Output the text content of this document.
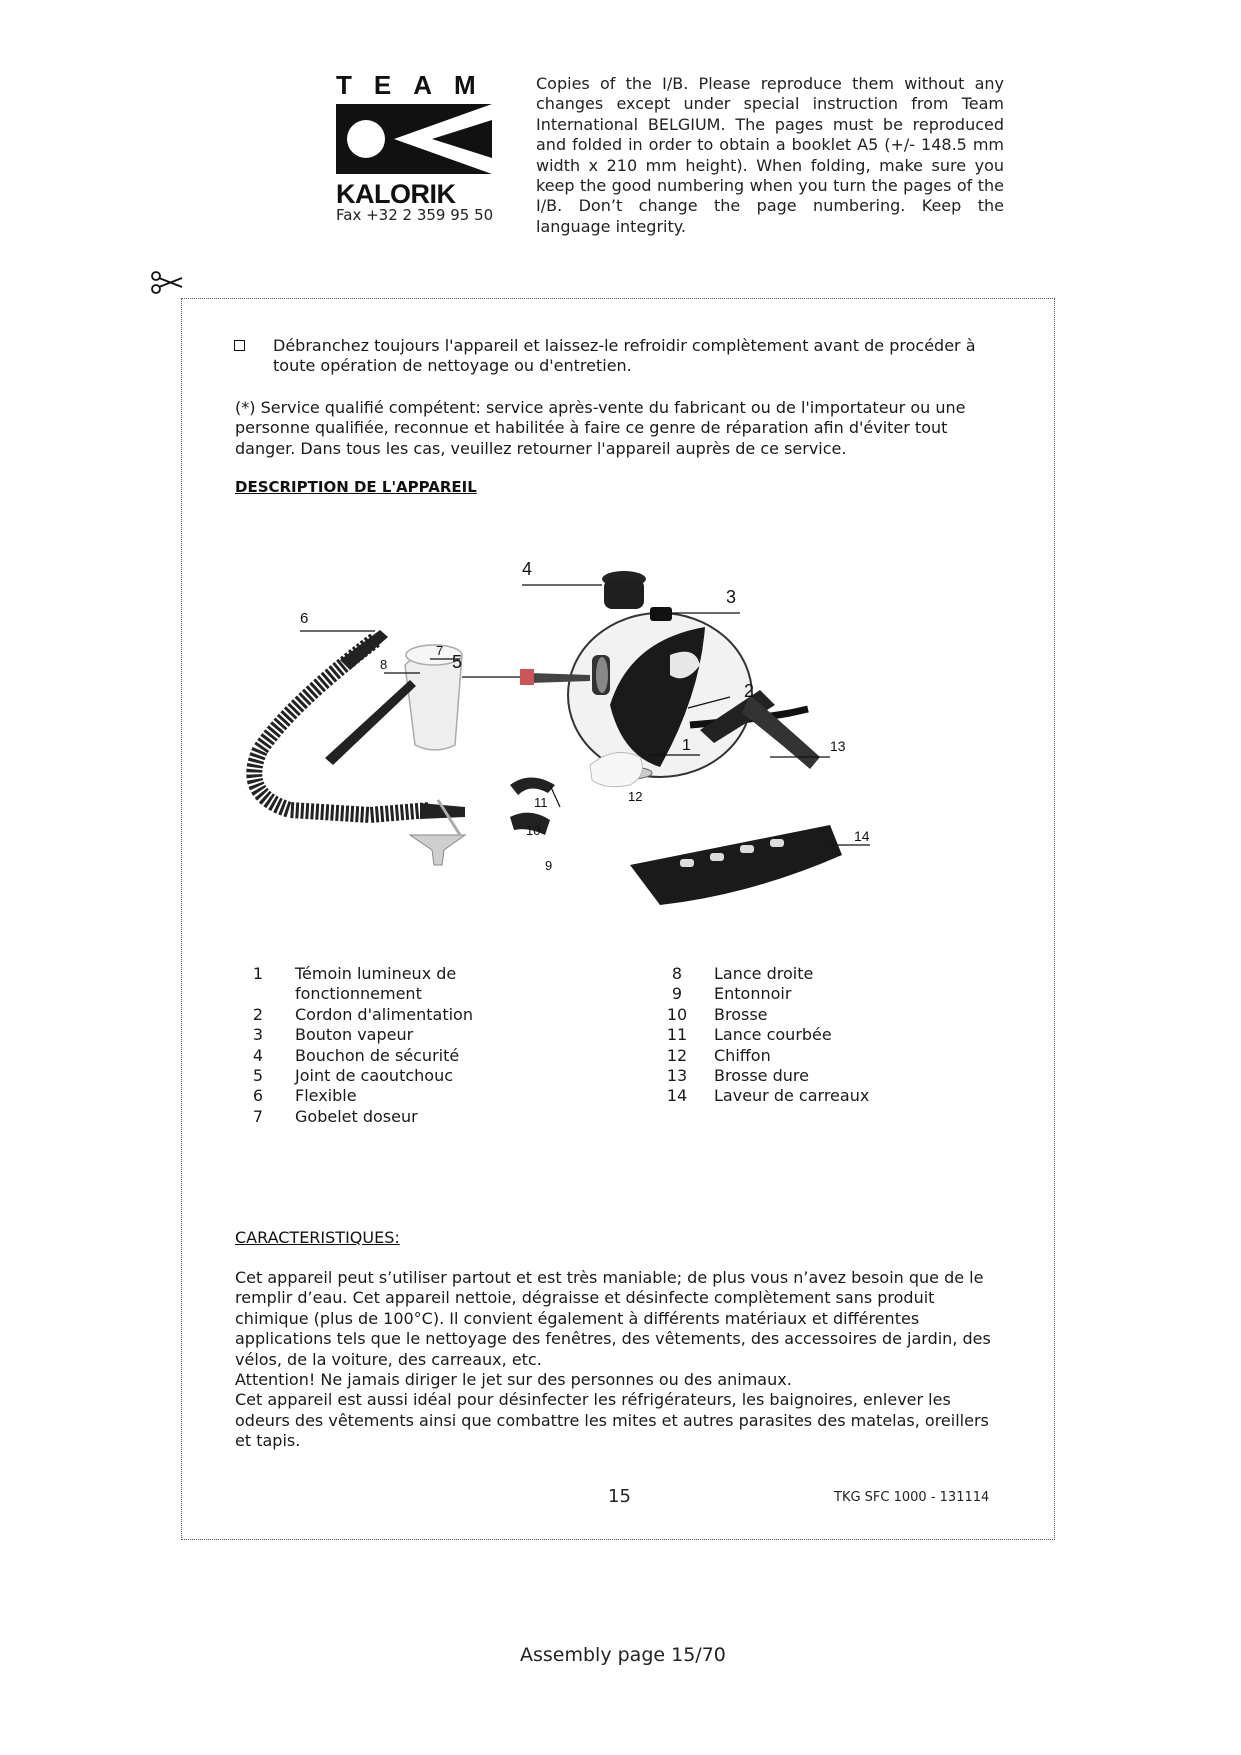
TEAM
KALORIK
Fax +32 2 359 95 50
Copies of the I/B. Please reproduce them without any changes except under special instruction from Team International BELGIUM. The pages must be reproduced and folded in order to obtain a booklet A5 (+/- 148.5 mm width x 210 mm height). When folding, make sure you keep the good numbering when you turn the pages of the I/B. Don’t change the page numbering. Keep the language integrity.
Débranchez toujours l'appareil et laissez-le refroidir complètement avant de procéder à toute opération de nettoyage ou d'entretien.
(*) Service qualifié compétent: service après-vente du fabricant ou de l'importateur ou une personne qualifiée, reconnue et habilitée à faire ce genre de réparation afin d'éviter tout danger. Dans tous les cas, veuillez retourner l'appareil auprès de ce service.
DESCRIPTION DE L'APPAREIL
4
3
5
6
7
8
1
2
13
12
11
10
9
14
1	Témoin lumineux de
fonctionnement
2	Cordon d'alimentation
3	Bouton vapeur
4	Bouchon de sécurité
5	Joint de caoutchouc
6	Flexible
7	Gobelet doseur
8	Lance droite
9	Entonnoir
10	Brosse
11	Lance courbée
12	Chiffon
13	Brosse dure
14	Laveur de carreaux
CARACTERISTIQUES:
Cet appareil peut s’utiliser partout et est très maniable; de plus vous n’avez besoin que de le remplir d’eau. Cet appareil nettoie, dégraisse et désinfecte complètement sans produit chimique (plus de 100°C). Il convient également à différents matériaux et différentes applications tels que le nettoyage des fenêtres, des vêtements, des accessoires de jardin, des vélos, de la voiture, des carreaux, etc.
Attention! Ne jamais diriger le jet sur des personnes ou des animaux.
Cet appareil est aussi idéal pour désinfecter les réfrigérateurs, les baignoires, enlever les odeurs des vêtements ainsi que combattre les mites et autres parasites des matelas, oreillers et tapis.
15	TKG SFC 1000 - 131114
Assembly page 15/70
